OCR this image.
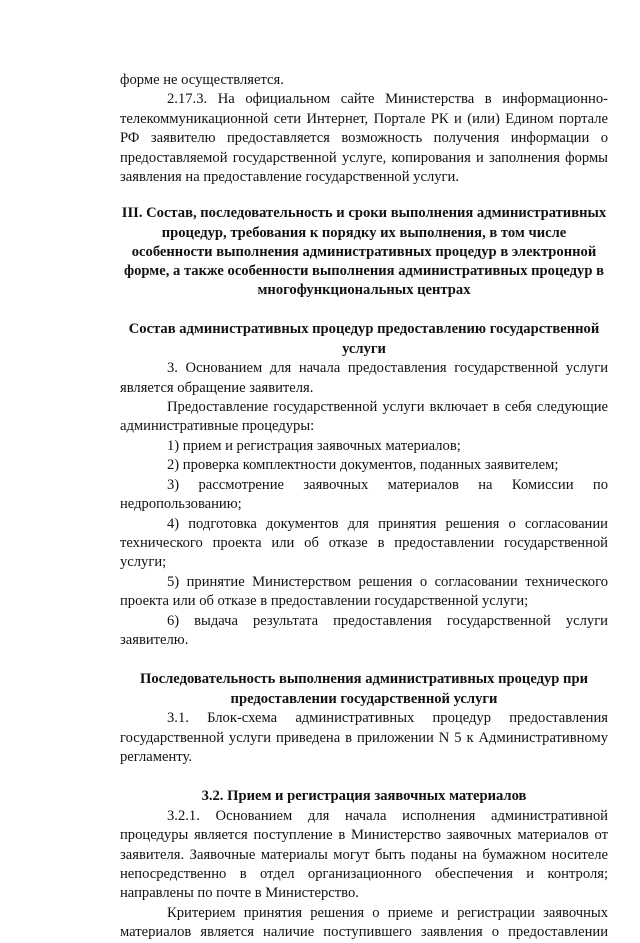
форме не осуществляется.

2.17.3. На официальном сайте Министерства в информационно-телекоммуникационной сети Интернет, Портале РК и (или) Едином портале РФ заявителю предоставляется возможность получения информации о предоставляемой государственной услуге, копирования и заполнения формы заявления на предоставление государственной услуги.

III. Состав, последовательность и сроки выполнения административных процедур, требования к порядку их выполнения, в том числе особенности выполнения административных процедур в электронной форме, а также особенности выполнения административных процедур в многофункциональных центрах

Состав административных процедур предоставлению государственной услуги

3. Основанием для начала предоставления государственной услуги является обращение заявителя.

Предоставление государственной услуги включает в себя следующие административные процедуры:

1) прием и регистрация заявочных материалов;

2) проверка комплектности документов, поданных заявителем;

3) рассмотрение заявочных материалов на Комиссии по недропользованию;

4) подготовка документов для принятия решения о согласовании технического проекта или об отказе в предоставлении государственной услуги;

5) принятие Министерством решения о согласовании технического проекта или об отказе в предоставлении государственной услуги;

6) выдача результата предоставления государственной услуги заявителю.

Последовательность выполнения административных процедур при предоставлении государственной услуги

3.1. Блок-схема административных процедур предоставления государственной услуги приведена в приложении N 5 к Административному регламенту.

3.2. Прием и регистрация заявочных материалов

3.2.1. Основанием для начала исполнения административной процедуры является поступление в Министерство заявочных материалов от заявителя. Заявочные материалы могут быть поданы на бумажном носителе непосредственно в отдел организационного обеспечения и контроля; направлены по почте в Министерство.

Критерием принятия решения о приеме и регистрации заявочных материалов является наличие поступившего заявления о предоставлении
